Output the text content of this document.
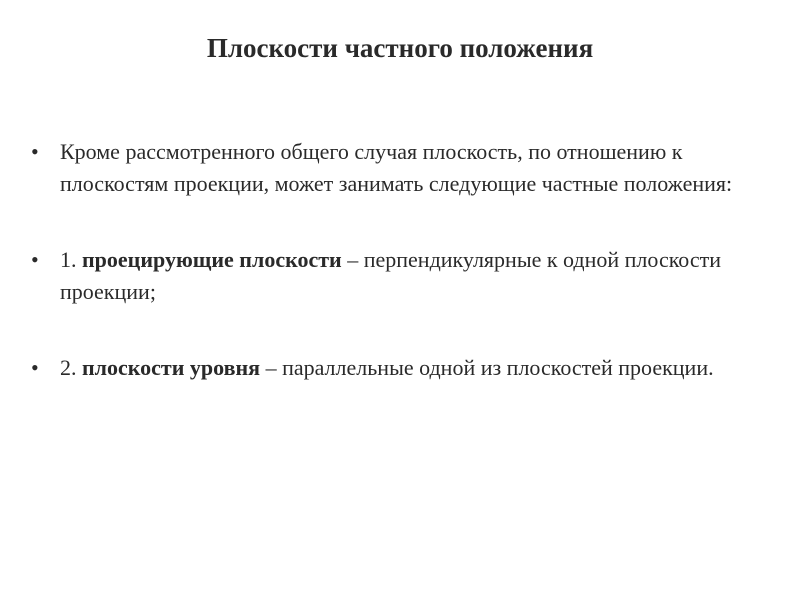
Плоскости частного положения
• Кроме рассмотренного общего случая плоскость, по отношению к плоскостям проекции, может занимать следующие частные положения:
• 1. проецирующие плоскости – перпендикулярные к одной плоскости проекции;
• 2. плоскости уровня – параллельные одной из плоскостей проекции.
